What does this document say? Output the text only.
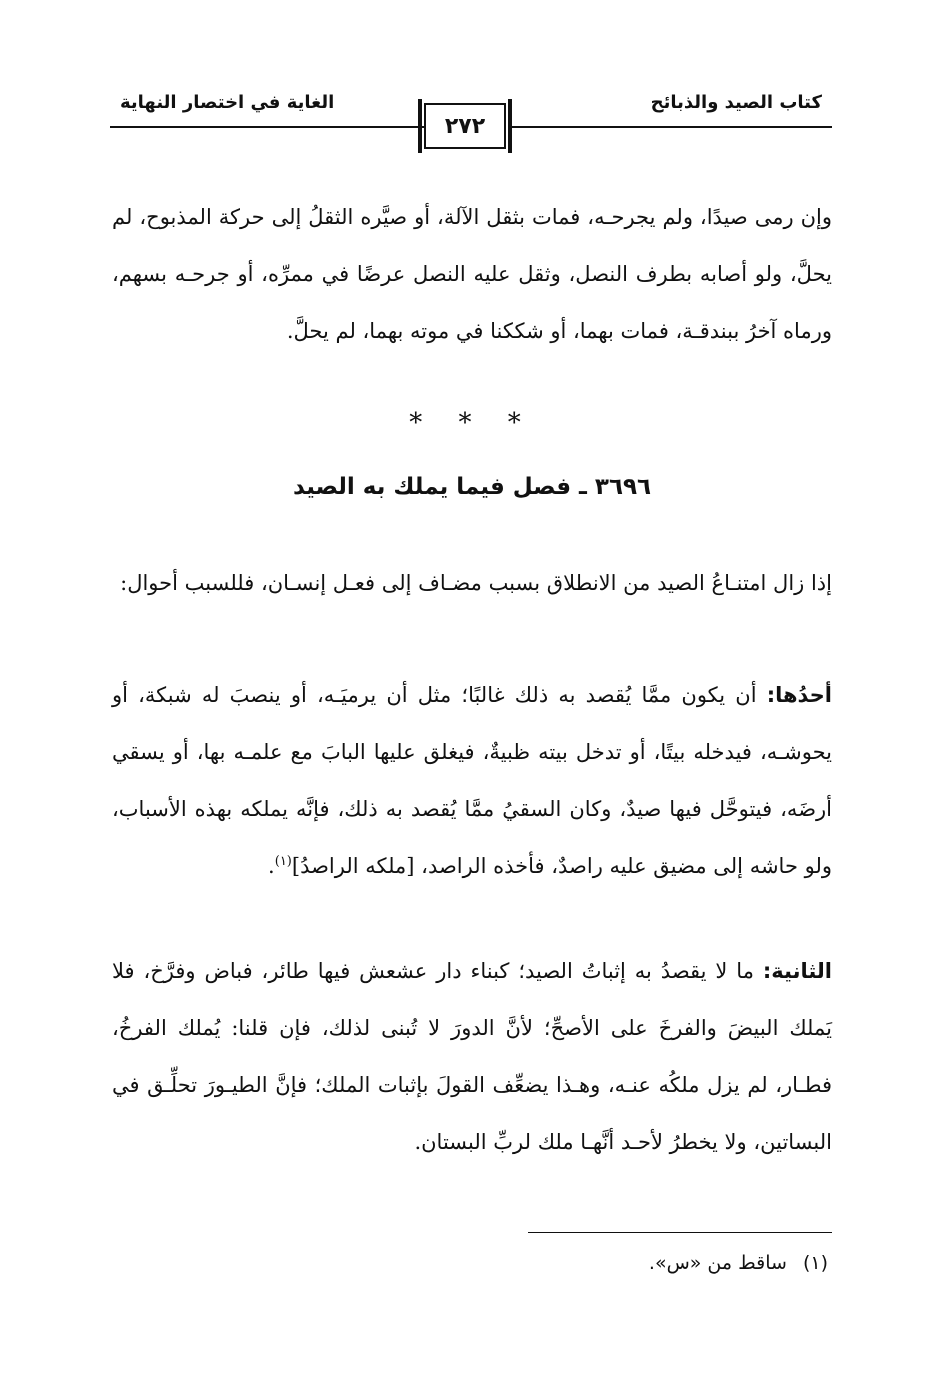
كتاب الصيد والذبائح
الغاية في اختصار النهاية
٢٧٢

وإن رمى صيدًا، ولم يجرحـه، فمات بثقل الآلة، أو صيَّره الثقلُ إلى حركة المذبوح، لم يحلَّ، ولو أصابه بطرف النصل، وثقل عليه النصل عرضًا في ممرِّه، أو جرحـه بسهم، ورماه آخرُ ببندقـة، فمات بهما، أو شككنا في موته بهما، لم يحلَّ.

* * *
٣٦٩٦ ـ فصل فيما يملك به الصيد

إذا زال امتنـاعُ الصيد من الانطلاق بسبب مضـاف إلى فعـل إنسـان، فللسبب أحوال:

أحدُها: أن يكون ممَّا يُقصد به ذلك غالبًا؛ مثل أن يرميَـه، أو ينصبَ له شبكة، أو يحوشـه، فيدخله بيتًا، أو تدخل بيته ظبيةٌ، فيغلق عليها البابَ مع علمـه بها، أو يسقي أرضَه، فيتوحَّل فيها صيدٌ، وكان السقيُ ممَّا يُقصد به ذلك، فإنَّه يملكه بهذه الأسباب، ولو حاشه إلى مضيق عليه راصدٌ، فأخذه الراصد، [ملكه الراصدُ]$^{(١)}$.

الثانية: ما لا يقصدُ به إثباتُ الصيد؛ كبناء دار عشعش فيها طائر، فباض وفرَّخ، فلا يَملك البيضَ والفرخَ على الأصحِّ؛ لأنَّ الدورَ لا تُبنى لذلك، فإن قلنا: يُملك الفرخُ، فطـار، لم يزل ملكُه عنـه، وهـذا يضعِّف القولَ بإثبات الملك؛ فإنَّ الطيـورَ تحلِّـق في البساتين، ولا يخطرُ لأحـد أنَّهـا ملك لربِّ البستان.

(١)ساقط من «س».
